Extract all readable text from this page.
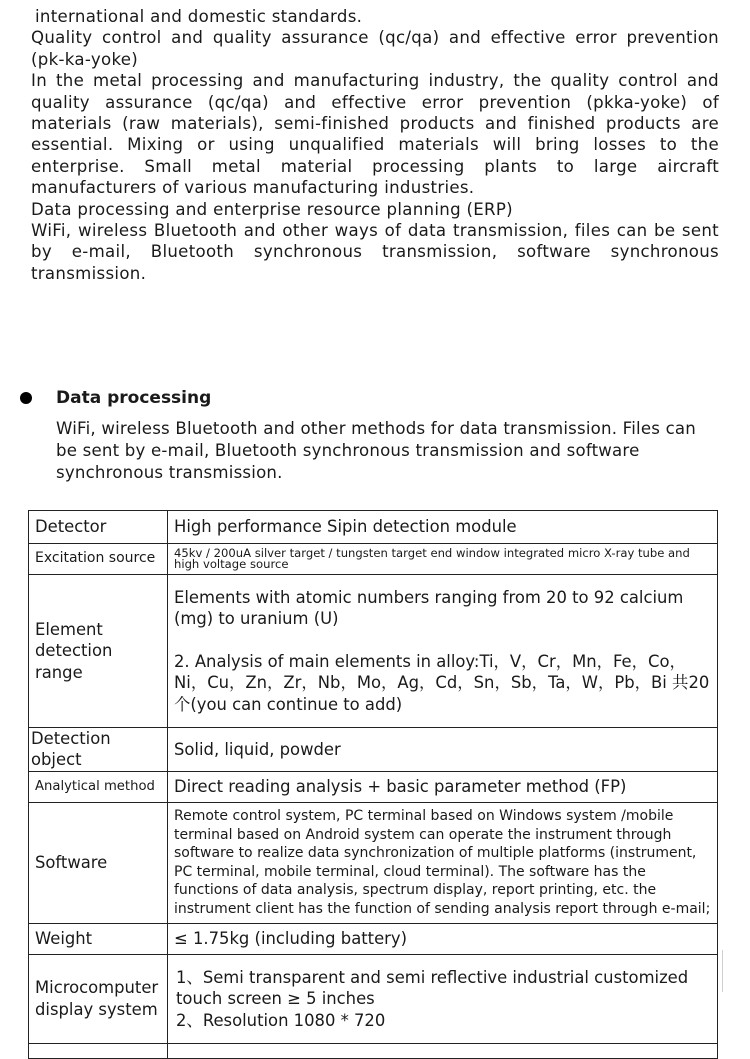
international and domestic standards.

Quality control and quality assurance (qc/qa) and effective error prevention (pk-ka-yoke)

In the metal processing and manufacturing industry, the quality control and quality assurance (qc/qa) and effective error prevention (pkka-yoke) of materials (raw materials), semi-finished products and finished products are essential. Mixing or using unqualified materials will bring losses to the enterprise. Small metal material processing plants to large aircraft manufacturers of various manufacturing industries.

Data processing and enterprise resource planning (ERP)

WiFi, wireless Bluetooth and other ways of data transmission, files can be sent by e-mail, Bluetooth synchronous transmission, software synchronous transmission.

Data processing

WiFi, wireless Bluetooth and other methods for data transmission. Files can be sent by e-mail, Bluetooth synchronous transmission and software synchronous transmission.

Detector	High performance Sipin detection module
Excitation source	45kv / 200uA silver target / tungsten target end window integrated micro X-ray tube and high voltage source
Element detection range	Elements with atomic numbers ranging from 20 to 92 calcium (mg) to uranium (U)
2. Analysis of main elements in alloy:Ti，V，Cr，Mn，Fe，Co，Ni，Cu，Zn，Zr，Nb，Mo，Ag，Cd，Sn，Sb，Ta，W，Pb，Bi 共20个(you can continue to add)

Detection object	Solid, liquid, powder
Analytical method	Direct reading analysis + basic parameter method (FP)
Software	Remote control system, PC terminal based on Windows system /mobile terminal based on Android system can operate the instrument through software to realize data synchronization of multiple platforms (instrument, PC terminal, mobile terminal, cloud terminal). The software has the functions of data analysis, spectrum display, report printing, etc. the instrument client has the function of sending analysis report through e-mail;
Weight	≤ 1.75kg (including battery)
Microcomputer display system	1、Semi transparent and semi reflective industrial customized touch screen ≥ 5 inches
2、Resolution 1080 * 720
